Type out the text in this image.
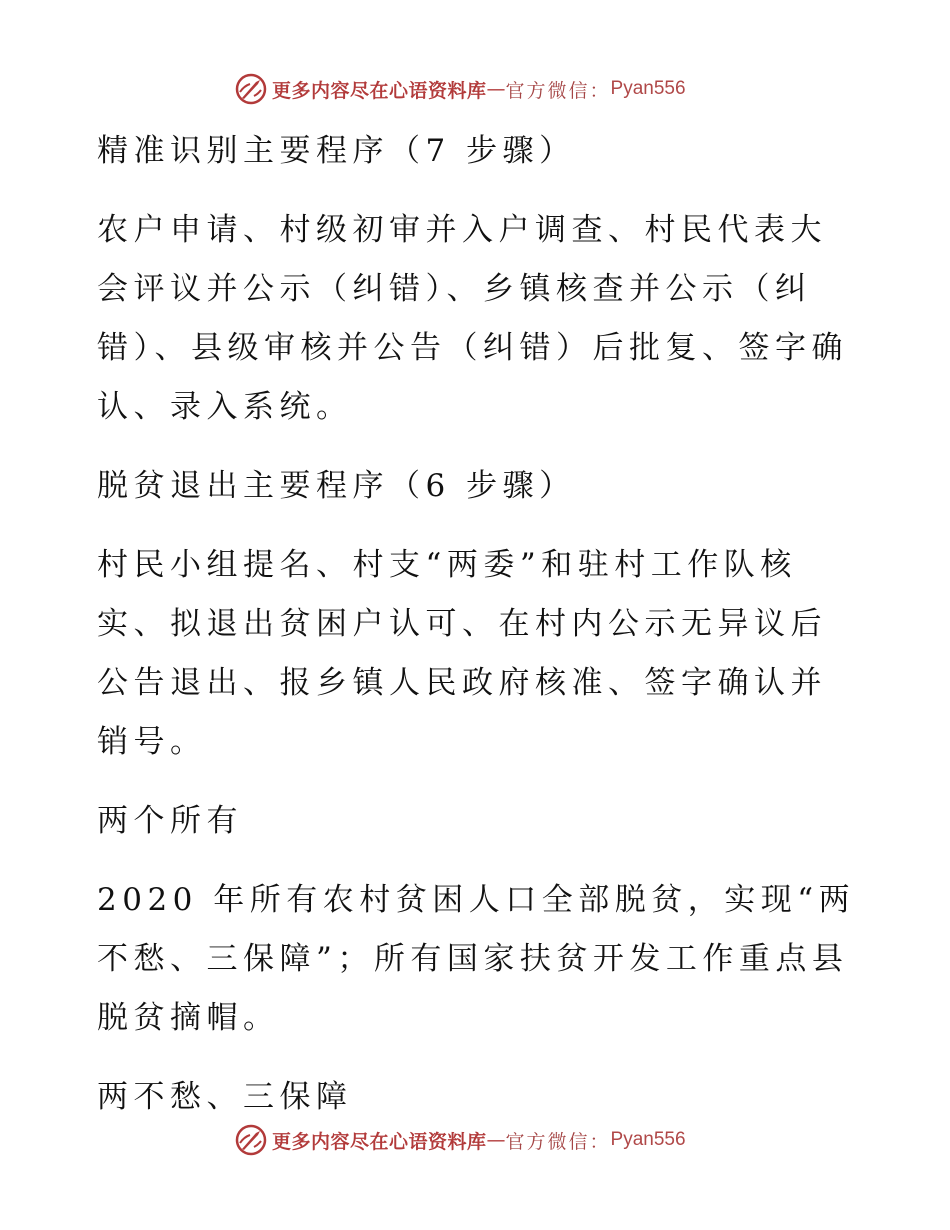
更多内容尽在心语资料库 — 官方微信： Pyan556

精准识别主要程序（7 步骤）

农户申请、村级初审并入户调查、村民代表大会评议并公示（纠错）、乡镇核查并公示（纠错）、县级审核并公告（纠错）后批复、签字确认、录入系统。

脱贫退出主要程序（6 步骤）

村民小组提名、村支“两委”和驻村工作队核
实、拟退出贫困户认可、在村内公示无异议后公告退出、报乡镇人民政府核准、签字确认并销号。

两个所有

2020 年所有农村贫困人口全部脱贫，实现“两不愁、三保障”；所有国家扶贫开发工作重点县脱贫摘帽。

两不愁、三保障

更多内容尽在心语资料库 — 官方微信： Pyan556
